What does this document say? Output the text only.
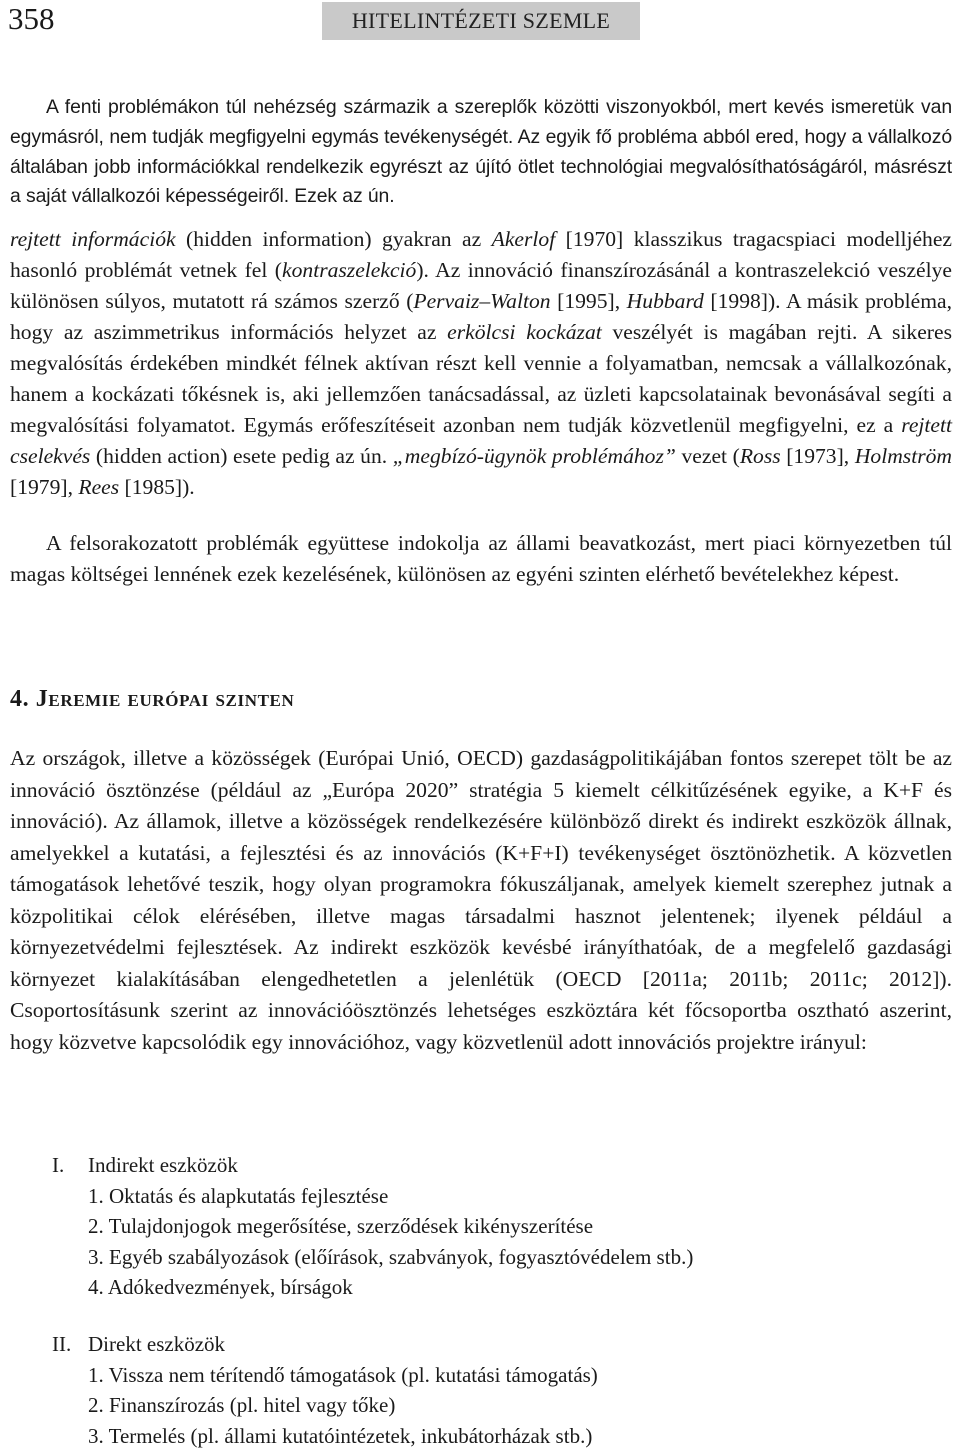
358	HITELINTÉZETI SZEMLE

A fenti problémákon túl nehézség származik a szereplők közötti viszonyokból, mert kevés ismeretük van egymásról, nem tudják megfigyelni egymás tevékenységét. Az egyik fő probléma abból ered, hogy a vállalkozó általában jobb információkkal rendelkezik egyrészt az újító ötlet technológiai megvalósíthatóságáról, másrészt a saját vállalkozói képességeiről. Ezek az ún.

rejtett információk (hidden information) gyakran az Akerlof [1970] klasszikus tragacspiaci modelljéhez hasonló problémát vetnek fel (kontraszelekció). Az innováció finanszírozásánál a kontraszelekció veszélye különösen súlyos, mutatott rá számos szerző (Pervaiz–Walton [1995], Hubbard [1998]). A másik probléma, hogy az aszimmetrikus információs helyzet az erkölcsi kockázat veszélyét is magában rejti. A sikeres megvalósítás érdekében mindkét félnek aktívan részt kell vennie a folyamatban, nemcsak a vállalkozónak, hanem a kockázati tőkésnek is, aki jellemzően tanácsadással, az üzleti kapcsolatainak bevonásával segíti a megvalósítási folyamatot. Egymás erőfeszítéseit azonban nem tudják közvetlenül megfigyelni, ez a rejtett cselekvés (hidden action) esete pedig az ún. „megbízó-ügynök problémához” vezet (Ross [1973], Holmström [1979], Rees [1985]).

A felsorakozatott problémák együttese indokolja az állami beavatkozást, mert piaci környezetben túl magas költségei lennének ezek kezelésének, különösen az egyéni szinten elérhető bevételekhez képest.

4. Jeremie európai szinten

Az országok, illetve a közösségek (Európai Unió, OECD) gazdaságpolitikájában fontos szerepet tölt be az innováció ösztönzése (például az „Európa 2020” stratégia 5 kiemelt célkitűzésének egyike, a K+F és innováció). Az államok, illetve a közösségek rendelkezésére különböző direkt és indirekt eszközök állnak, amelyekkel a kutatási, a fejlesztési és az innovációs (K+F+I) tevékenységet ösztönözhetik. A közvetlen támogatások lehetővé teszik, hogy olyan programokra fókuszáljanak, amelyek kiemelt szerephez jutnak a közpolitikai célok elérésében, illetve magas társadalmi hasznot jelentenek; ilyenek például a környezetvédelmi fejlesztések. Az indirekt eszközök kevésbé irányíthatóak, de a megfelelő gazdasági környezet kialakításában elengedhetetlen a jelenlétük (OECD [2011a; 2011b; 2011c; 2012]). Csoportosításunk szerint az innovációösztönzés lehetséges eszköztára két főcsoportba osztható aszerint, hogy közvetve kapcsolódik egy innovációhoz, vagy közvetlenül adott innovációs projektre irányul:

I. Indirekt eszközök
1. Oktatás és alapkutatás fejlesztése
2. Tulajdonjogok megerősítése, szerződések kikényszerítése
3. Egyéb szabályozások (előírások, szabványok, fogyasztóvédelem stb.)
4. Adókedvezmények, bírságok
II. Direkt eszközök
1. Vissza nem térítendő támogatások (pl. kutatási támogatás)
2. Finanszírozás (pl. hitel vagy tőke)
3. Termelés (pl. állami kutatóintézetek, inkubátorházak stb.)
